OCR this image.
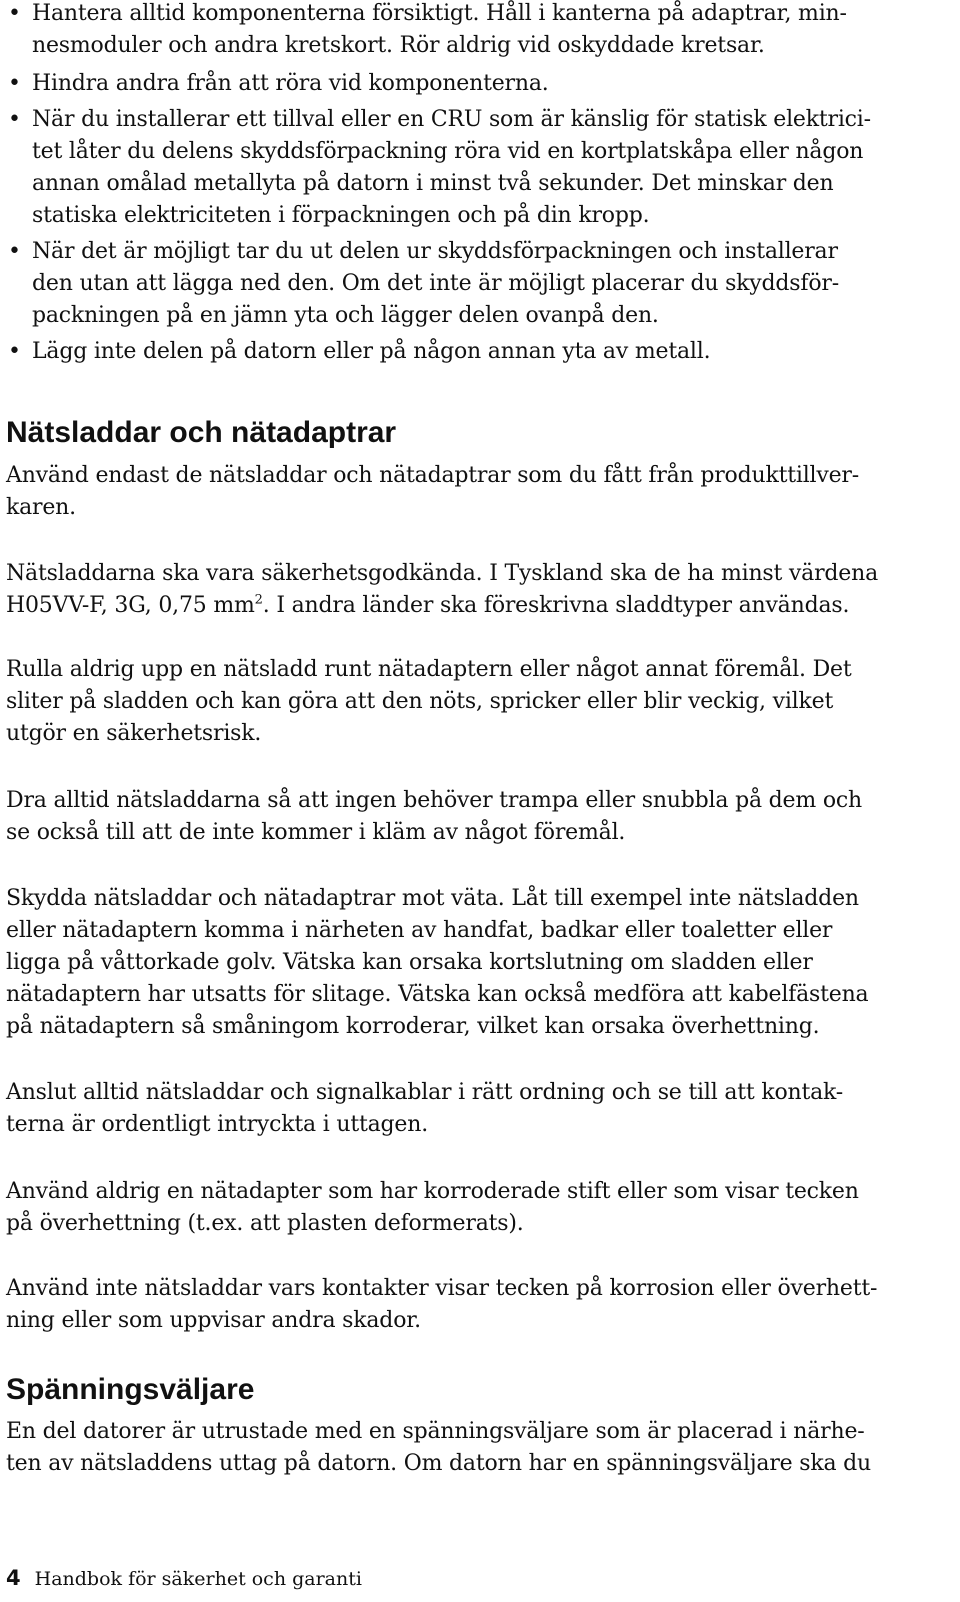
• Hantera alltid komponenterna försiktigt. Håll i kanterna på adaptrar, min-
nesmoduler och andra kretskort. Rör aldrig vid oskyddade kretsar.
• Hindra andra från att röra vid komponenterna.
• När du installerar ett tillval eller en CRU som är känslig för statisk elektrici-
tet låter du delens skyddsförpackning röra vid en kortplatskåpa eller någon
annan omålad metallyta på datorn i minst två sekunder. Det minskar den
statiska elektriciteten i förpackningen och på din kropp.
• När det är möjligt tar du ut delen ur skyddsförpackningen och installerar
den utan att lägga ned den. Om det inte är möjligt placerar du skyddsför-
packningen på en jämn yta och lägger delen ovanpå den.
• Lägg inte delen på datorn eller på någon annan yta av metall.
Nätsladdar och nätadaptrar

Använd endast de nätsladdar och nätadaptrar som du fått från produkttillver-
karen.

Nätsladdarna ska vara säkerhetsgodkända. I Tyskland ska de ha minst värdena
H05VV-F, 3G, 0,75 $mm^2$. I andra länder ska föreskrivna sladdtyper användas.

Rulla aldrig upp en nätsladd runt nätadaptern eller något annat föremål. Det
sliter på sladden och kan göra att den nöts, spricker eller blir veckig, vilket
utgör en säkerhetsrisk.

Dra alltid nätsladdarna så att ingen behöver trampa eller snubbla på dem och
se också till att de inte kommer i kläm av något föremål.

Skydda nätsladdar och nätadaptrar mot väta. Låt till exempel inte nätsladden
eller nätadaptern komma i närheten av handfat, badkar eller toaletter eller
ligga på våttorkade golv. Vätska kan orsaka kortslutning om sladden eller
nätadaptern har utsatts för slitage. Vätska kan också medföra att kabelfästena
på nätadaptern så småningom korroderar, vilket kan orsaka överhettning.

Anslut alltid nätsladdar och signalkablar i rätt ordning och se till att kontak-
terna är ordentligt intryckta i uttagen.

Använd aldrig en nätadapter som har korroderade stift eller som visar tecken
på överhettning (t.ex. att plasten deformerats).

Använd inte nätsladdar vars kontakter visar tecken på korrosion eller överhett-
ning eller som uppvisar andra skador.

Spänningsväljare

En del datorer är utrustade med en spänningsväljare som är placerad i närhe-
ten av nätsladdens uttag på datorn. Om datorn har en spänningsväljare ska du

4 Handbok för säkerhet och garanti
